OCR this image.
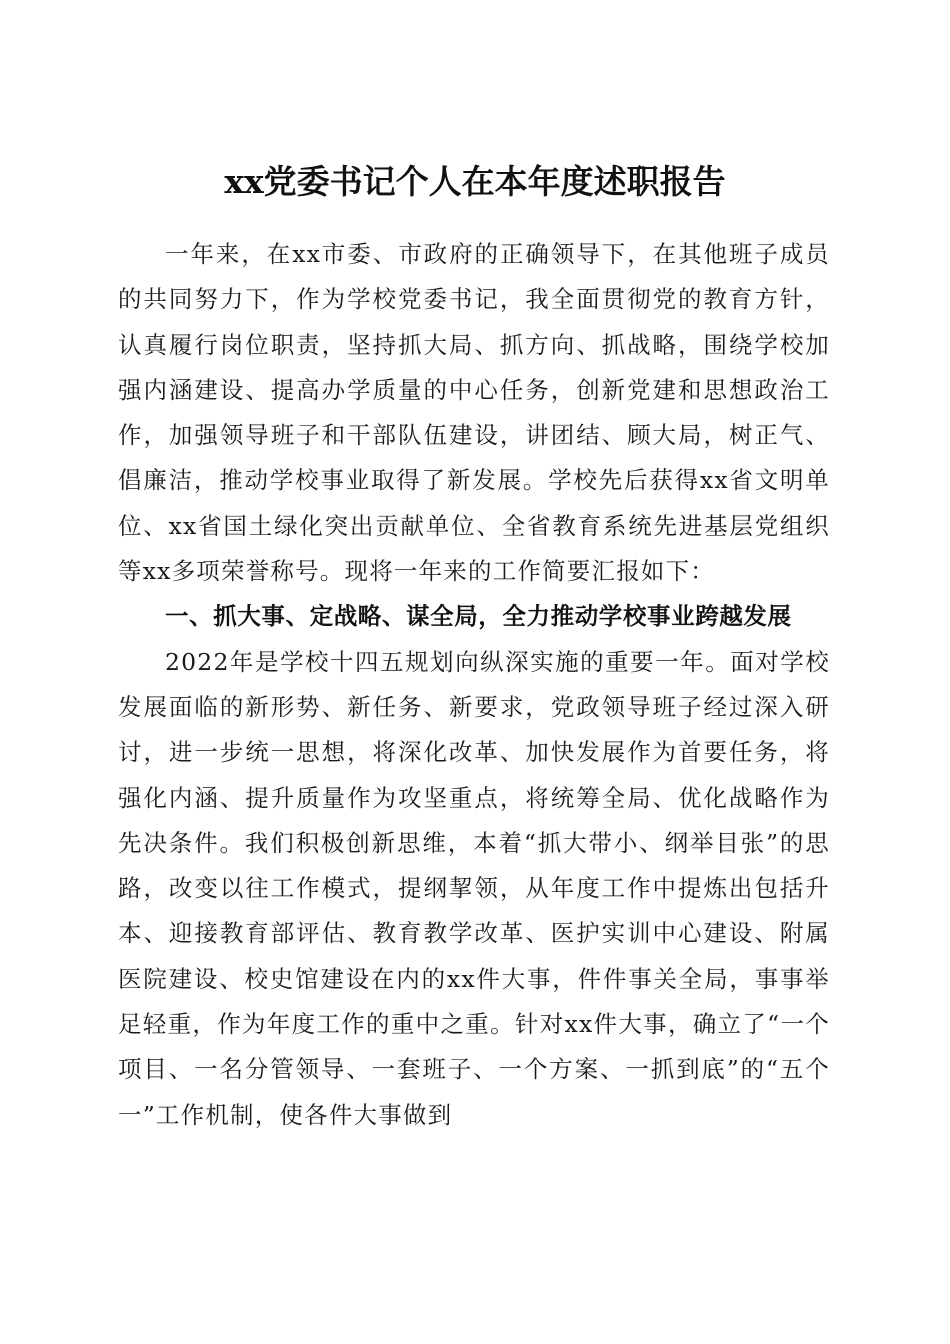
xx党委书记个人在本年度述职报告

一年来，在xx市委、市政府的正确领导下，在其他班子成员的共同努力下，作为学校党委书记，我全面贯彻党的教育方针，认真履行岗位职责，坚持抓大局、抓方向、抓战略，围绕学校加强内涵建设、提高办学质量的中心任务，创新党建和思想政治工作，加强领导班子和干部队伍建设，讲团结、顾大局，树正气、倡廉洁，推动学校事业取得了新发展。学校先后获得xx省文明单位、xx省国土绿化突出贡献单位、全省教育系统先进基层党组织等xx多项荣誉称号。现将一年来的工作简要汇报如下：

一、抓大事、定战略、谋全局，全力推动学校事业跨越发展

2022年是学校十四五规划向纵深实施的重要一年。面对学校发展面临的新形势、新任务、新要求，党政领导班子经过深入研讨，进一步统一思想，将深化改革、加快发展作为首要任务，将强化内涵、提升质量作为攻坚重点，将统筹全局、优化战略作为先决条件。我们积极创新思维，本着“抓大带小、纲举目张”的思路，改变以往工作模式，提纲挈领，从年度工作中提炼出包括升本、迎接教育部评估、教育教学改革、医护实训中心建设、附属医院建设、校史馆建设在内的xx件大事，件件事关全局，事事举足轻重，作为年度工作的重中之重。针对xx件大事，确立了“一个项目、一名分管领导、一套班子、一个方案、一抓到底”的“五个一”工作机制，使各件大事做到
